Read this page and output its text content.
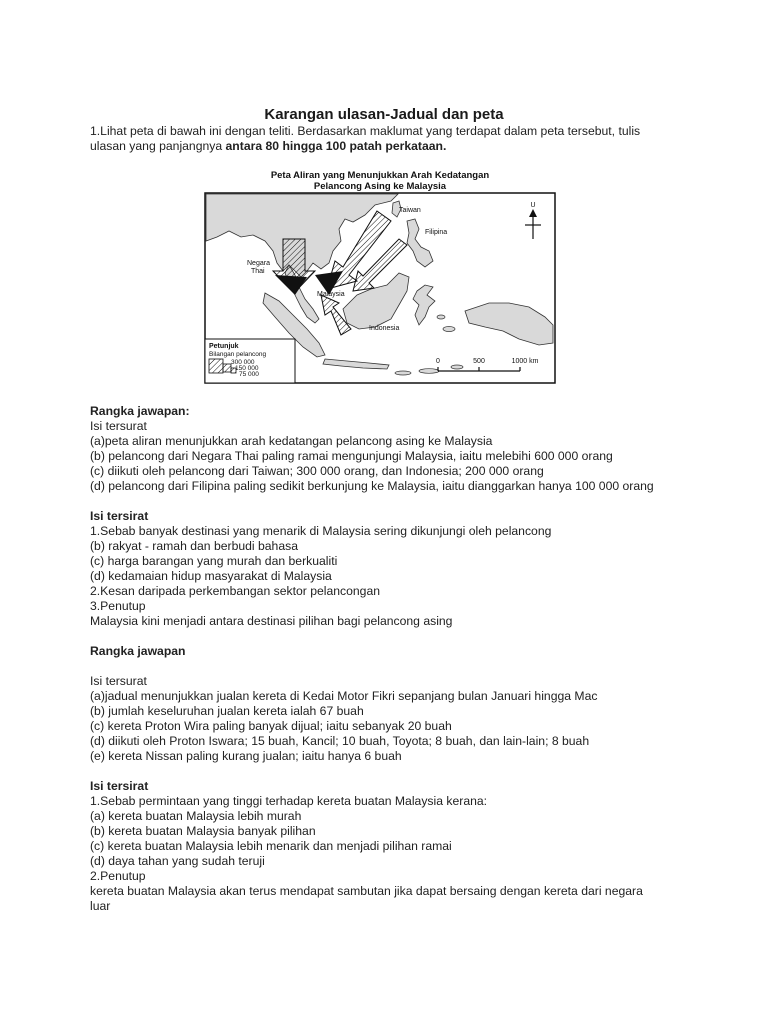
Karangan ulasan-Jadual dan peta
1.Lihat peta di bawah ini dengan teliti. Berdasarkan maklumat yang terdapat dalam peta tersebut, tulis
ulasan yang panjangnya antara 80 hingga 100 patah perkataan.
Peta Aliran yang Menunjukkan Arah Kedatangan
Pelancong Asing ke Malaysia
Taiwan
Filipina
Negara
Thai
Malaysia
Indonesia
U
Petunjuk
Bilangan pelancong
300 000
150 000
75 000
0	500	1000 km
Rangka jawapan:
Isi tersurat
(a)peta aliran menunjukkan arah kedatangan pelancong asing ke Malaysia
(b) pelancong dari Negara Thai paling ramai mengunjungi Malaysia, iaitu melebihi 600 000 orang
(c) diikuti oleh pelancong dari Taiwan; 300 000 orang, dan Indonesia; 200 000 orang
(d) pelancong dari Filipina paling sedikit berkunjung ke Malaysia, iaitu dianggarkan hanya 100 000 orang
Isi tersirat
1.Sebab banyak destinasi yang menarik di Malaysia sering dikunjungi oleh pelancong
(b) rakyat - ramah dan berbudi bahasa
(c) harga barangan yang murah dan berkualiti
(d) kedamaian hidup masyarakat di Malaysia
2.Kesan daripada perkembangan sektor pelancongan
3.Penutup
Malaysia kini menjadi antara destinasi pilihan bagi pelancong asing
Rangka jawapan
Isi tersurat
(a)jadual menunjukkan jualan kereta di Kedai Motor Fikri sepanjang bulan Januari hingga Mac
(b) jumlah keseluruhan jualan kereta ialah 67 buah
(c) kereta Proton Wira paling banyak dijual; iaitu sebanyak 20 buah
(d) diikuti oleh Proton Iswara; 15 buah, Kancil; 10 buah, Toyota; 8 buah, dan lain-lain; 8 buah
(e) kereta Nissan paling kurang jualan; iaitu hanya 6 buah
Isi tersirat
1.Sebab permintaan yang tinggi terhadap kereta buatan Malaysia kerana:
(a) kereta buatan Malaysia lebih murah
(b) kereta buatan Malaysia banyak pilihan
(c) kereta buatan Malaysia lebih menarik dan menjadi pilihan ramai
(d) daya tahan yang sudah teruji
2.Penutup
kereta buatan Malaysia akan terus mendapat sambutan jika dapat bersaing dengan kereta dari negara
luar
